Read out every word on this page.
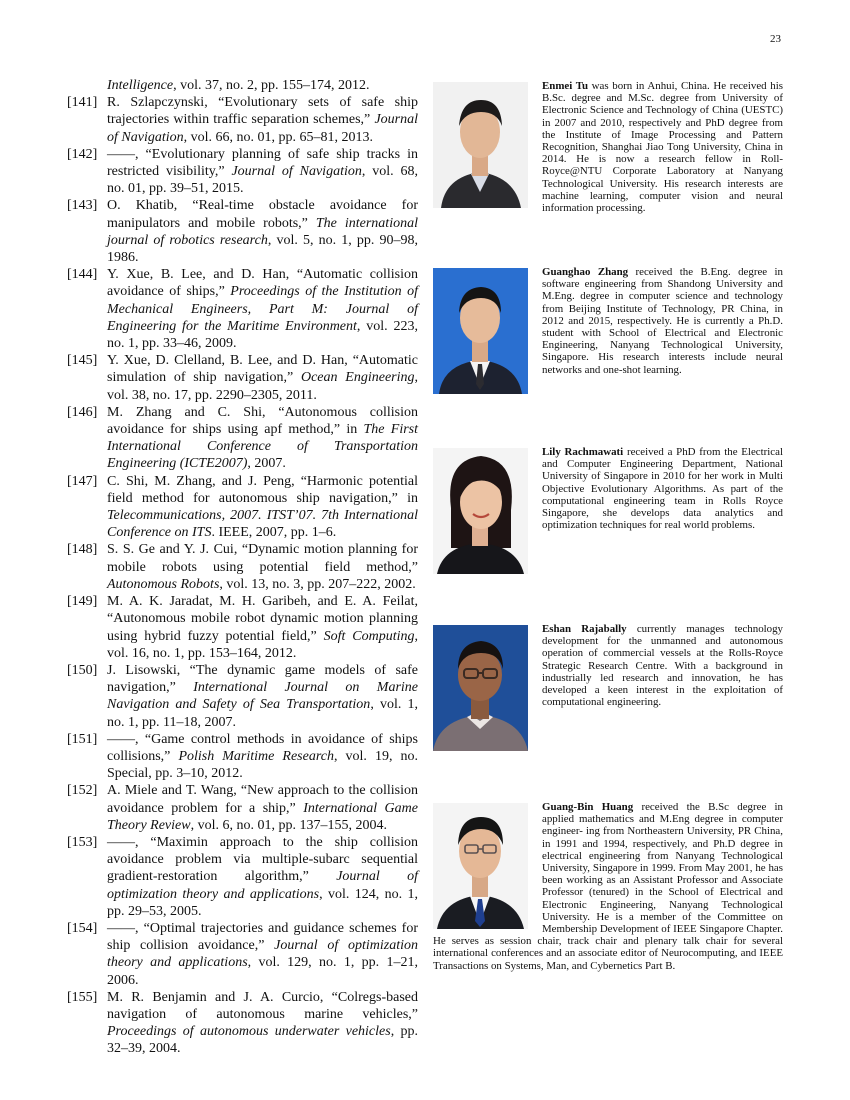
23
Intelligence, vol. 37, no. 2, pp. 155–174, 2012.
[141] R. Szlapczynski, “Evolutionary sets of safe ship trajectories within traffic separation schemes,” Journal of Navigation, vol. 66, no. 01, pp. 65–81, 2013.
[142] ——, “Evolutionary planning of safe ship tracks in restricted visibility,” Journal of Navigation, vol. 68, no. 01, pp. 39–51, 2015.
[143] O. Khatib, “Real-time obstacle avoidance for manipulators and mobile robots,” The international journal of robotics research, vol. 5, no. 1, pp. 90–98, 1986.
[144] Y. Xue, B. Lee, and D. Han, “Automatic collision avoidance of ships,” Proceedings of the Institution of Mechanical Engineers, Part M: Journal of Engineering for the Maritime Environment, vol. 223, no. 1, pp. 33–46, 2009.
[145] Y. Xue, D. Clelland, B. Lee, and D. Han, “Automatic simulation of ship navigation,” Ocean Engineering, vol. 38, no. 17, pp. 2290–2305, 2011.
[146] M. Zhang and C. Shi, “Autonomous collision avoidance for ships using apf method,” in The First International Conference of Transportation Engineering (ICTE2007), 2007.
[147] C. Shi, M. Zhang, and J. Peng, “Harmonic potential field method for autonomous ship navigation,” in Telecommunications, 2007. ITST’07. 7th International Conference on ITS. IEEE, 2007, pp. 1–6.
[148] S. S. Ge and Y. J. Cui, “Dynamic motion planning for mobile robots using potential field method,” Autonomous Robots, vol. 13, no. 3, pp. 207–222, 2002.
[149] M. A. K. Jaradat, M. H. Garibeh, and E. A. Feilat, “Autonomous mobile robot dynamic motion planning using hybrid fuzzy potential field,” Soft Computing, vol. 16, no. 1, pp. 153–164, 2012.
[150] J. Lisowski, “The dynamic game models of safe navigation,” International Journal on Marine Navigation and Safety of Sea Transportation, vol. 1, no. 1, pp. 11–18, 2007.
[151] ——, “Game control methods in avoidance of ships collisions,” Polish Maritime Research, vol. 19, no. Special, pp. 3–10, 2012.
[152] A. Miele and T. Wang, “New approach to the collision avoidance problem for a ship,” International Game Theory Review, vol. 6, no. 01, pp. 137–155, 2004.
[153] ——, “Maximin approach to the ship collision avoidance problem via multiple-subarc sequential gradient-restoration algorithm,” Journal of optimization theory and applications, vol. 124, no. 1, pp. 29–53, 2005.
[154] ——, “Optimal trajectories and guidance schemes for ship collision avoidance,” Journal of optimization theory and applications, vol. 129, no. 1, pp. 1–21, 2006.
[155] M. R. Benjamin and J. A. Curcio, “Colregs-based navigation of autonomous marine vehicles,” Proceedings of autonomous underwater vehicles, pp. 32–39, 2004.
Enmei Tu was born in Anhui, China. He received his B.Sc. degree and M.Sc. degree from University of Electronic Science and Technology of China (UESTC) in 2007 and 2010, respectively and PhD degree from the Institute of Image Processing and Pattern Recognition, Shanghai Jiao Tong University, China in 2014. He is now a research fellow in Roll-Royce@NTU Corporate Laboratory at Nanyang Technological University. His research interests are machine learning, computer vision and neural information processing.
Guanghao Zhang received the B.Eng. degree in software engineering from Shandong University and M.Eng. degree in computer science and technology from Beijing Institute of Technology, PR China, in 2012 and 2015, respectively. He is currently a Ph.D. student with School of Electrical and Electronic Engineering, Nanyang Technological University, Singapore. His research interests include neural networks and one-shot learning.
Lily Rachmawati received a PhD from the Electrical and Computer Engineering Department, National University of Singapore in 2010 for her work in Multi Objective Evolutionary Algorithms. As part of the computational engineering team in Rolls Royce Singapore, she develops data analytics and optimization techniques for real world problems.
Eshan Rajabally currently manages technology development for the unmanned and autonomous operation of commercial vessels at the Rolls-Royce Strategic Research Centre. With a background in industrially led research and innovation, he has developed a keen interest in the exploitation of computational engineering.
Guang-Bin Huang received the B.Sc degree in applied mathematics and M.Eng degree in computer engineer- ing from Northeastern University, PR China, in 1991 and 1994, respectively, and Ph.D degree in electrical engineering from Nanyang Technological University, Singapore in 1999. From May 2001, he has been working as an Assistant Professor and Associate Professor (tenured) in the School of Electrical and Electronic Engineering, Nanyang Technological University. He is a member of the Committee on Membership Development of IEEE Singapore Chapter. He serves as session chair, track chair and plenary talk chair for several international conferences and an associate editor of Neurocomputing, and IEEE Transactions on Systems, Man, and Cybernetics Part B.
